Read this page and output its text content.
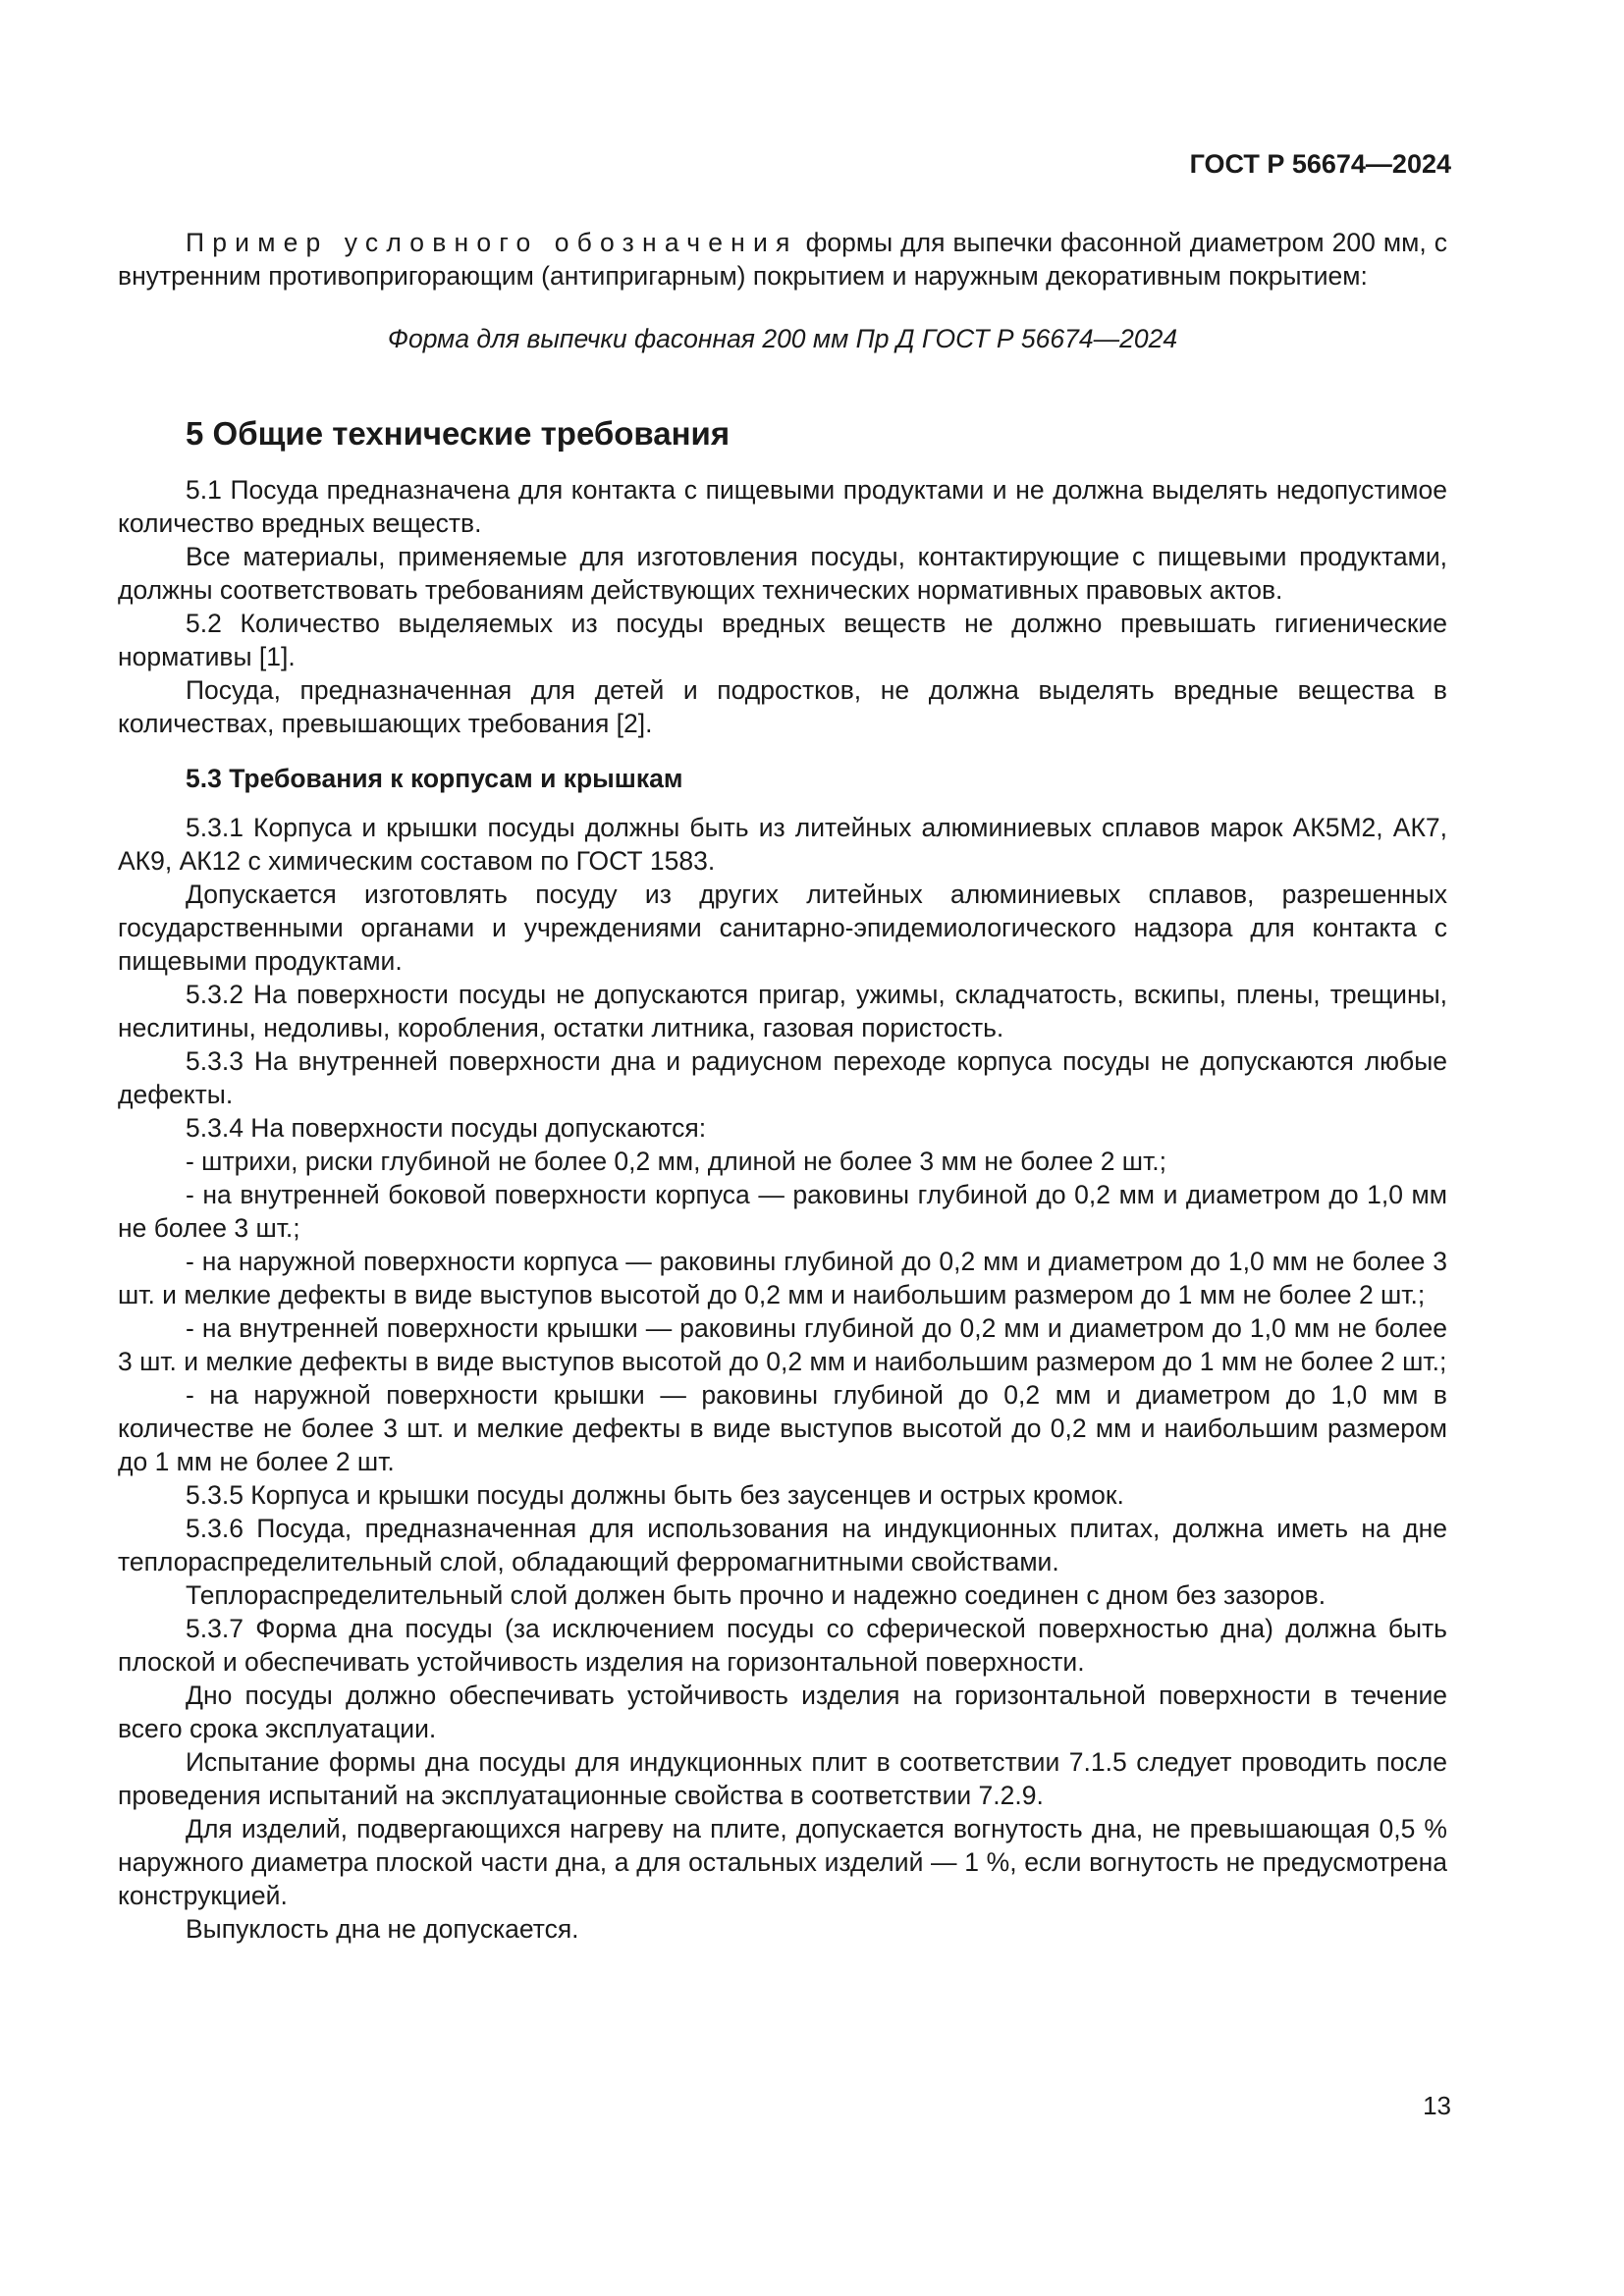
ГОСТ Р 56674—2024

Пример условного обозначения формы для выпечки фасонной диаметром 200 мм, с внутренним противопригорающим (антипригарным) покрытием и наружным декоративным покрытием:

Форма для выпечки фасонная 200 мм Пр Д ГОСТ Р 56674—2024

5 Общие технические требования

5.1 Посуда предназначена для контакта с пищевыми продуктами и не должна выделять недопустимое количество вредных веществ.

Все материалы, применяемые для изготовления посуды, контактирующие с пищевыми продуктами, должны соответствовать требованиям действующих технических нормативных правовых актов.

5.2 Количество выделяемых из посуды вредных веществ не должно превышать гигиенические нормативы [1].

Посуда, предназначенная для детей и подростков, не должна выделять вредные вещества в количествах, превышающих требования [2].

5.3 Требования к корпусам и крышкам

5.3.1 Корпуса и крышки посуды должны быть из литейных алюминиевых сплавов марок АК5М2, АК7, АК9, АК12 с химическим составом по ГОСТ 1583.

Допускается изготовлять посуду из других литейных алюминиевых сплавов, разрешенных государственными органами и учреждениями санитарно-эпидемиологического надзора для контакта с пищевыми продуктами.

5.3.2 На поверхности посуды не допускаются пригар, ужимы, складчатость, вскипы, плены, трещины, неслитины, недоливы, коробления, остатки литника, газовая пористость.

5.3.3 На внутренней поверхности дна и радиусном переходе корпуса посуды не допускаются любые дефекты.

5.3.4 На поверхности посуды допускаются:

- штрихи, риски глубиной не более 0,2 мм, длиной не более 3 мм не более 2 шт.;

- на внутренней боковой поверхности корпуса — раковины глубиной до 0,2 мм и диаметром до 1,0 мм не более 3 шт.;

- на наружной поверхности корпуса — раковины глубиной до 0,2 мм и диаметром до 1,0 мм не более 3 шт. и мелкие дефекты в виде выступов высотой до 0,2 мм и наибольшим размером до 1 мм не более 2 шт.;

- на внутренней поверхности крышки — раковины глубиной до 0,2 мм и диаметром до 1,0 мм не более 3 шт. и мелкие дефекты в виде выступов высотой до 0,2 мм и наибольшим размером до 1 мм не более 2 шт.;

- на наружной поверхности крышки — раковины глубиной до 0,2 мм и диаметром до 1,0 мм в количестве не более 3 шт. и мелкие дефекты в виде выступов высотой до 0,2 мм и наибольшим размером до 1 мм не более 2 шт.

5.3.5 Корпуса и крышки посуды должны быть без заусенцев и острых кромок.

5.3.6 Посуда, предназначенная для использования на индукционных плитах, должна иметь на дне теплораспределительный слой, обладающий ферромагнитными свойствами.

Теплораспределительный слой должен быть прочно и надежно соединен с дном без зазоров.

5.3.7 Форма дна посуды (за исключением посуды со сферической поверхностью дна) должна быть плоской и обеспечивать устойчивость изделия на горизонтальной поверхности.

Дно посуды должно обеспечивать устойчивость изделия на горизонтальной поверхности в течение всего срока эксплуатации.

Испытание формы дна посуды для индукционных плит в соответствии 7.1.5 следует проводить после проведения испытаний на эксплуатационные свойства в соответствии 7.2.9.

Для изделий, подвергающихся нагреву на плите, допускается вогнутость дна, не превышающая 0,5 % наружного диаметра плоской части дна, а для остальных изделий — 1 %, если вогнутость не предусмотрена конструкцией.

Выпуклость дна не допускается.

13
